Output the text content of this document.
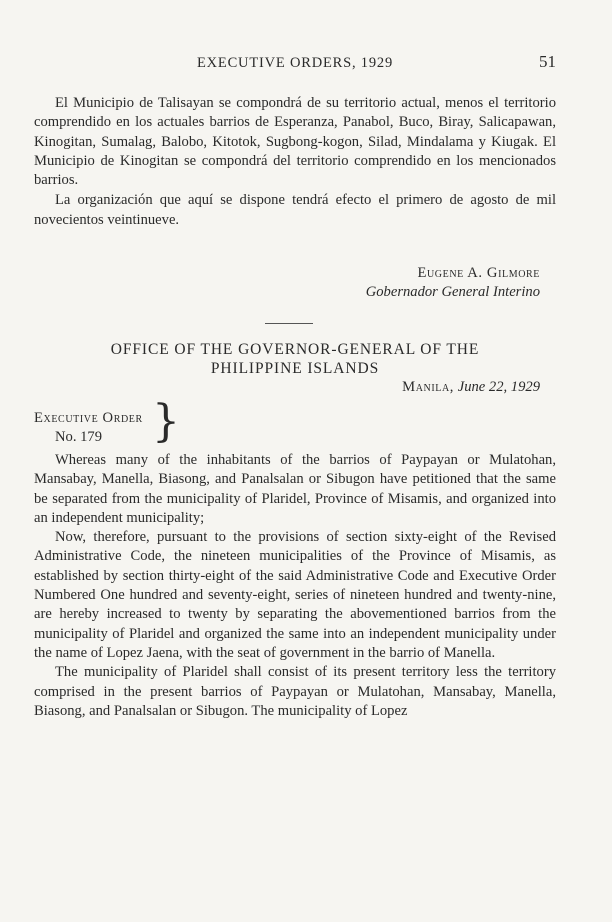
EXECUTIVE ORDERS, 1929	51

El Municipio de Talisayan se compondrá de su territorio actual, menos el territorio comprendido en los actuales barrios de Esperanza, Panabol, Buco, Biray, Salicapawan, Kinogitan, Sumalag, Balobo, Kitotok, Sugbong-kogon, Silad, Mindalama y Kiugak. El Municipio de Kinogitan se compondrá del territorio comprendido en los mencionados barrios.

La organización que aquí se dispone tendrá efecto el primero de agosto de mil novecientos veintinueve.

Eugene A. Gilmore
Gobernador General Interino
OFFICE OF THE GOVERNOR-GENERAL OF THE
PHILIPPINE ISLANDS
Manila, June 22, 1929
Executive Order
No. 179	}

Whereas many of the inhabitants of the barrios of Paypayan or Mulatohan, Mansabay, Manella, Biasong, and Panalsalan or Sibugon have petitioned that the same be separated from the municipality of Plaridel, Province of Misamis, and organized into an independent municipality;

Now, therefore, pursuant to the provisions of section sixty-eight of the Revised Administrative Code, the nineteen municipalities of the Province of Misamis, as established by section thirty-eight of the said Administrative Code and Executive Order Numbered One hundred and seventy-eight, series of nineteen hundred and twenty-nine, are hereby increased to twenty by separating the abovementioned barrios from the municipality of Plaridel and organized the same into an independent municipality under the name of Lopez Jaena, with the seat of government in the barrio of Manella.

The municipality of Plaridel shall consist of its present territory less the territory comprised in the present barrios of Paypayan or Mulatohan, Mansabay, Manella, Biasong, and Panalsalan or Sibugon. The municipality of Lopez
